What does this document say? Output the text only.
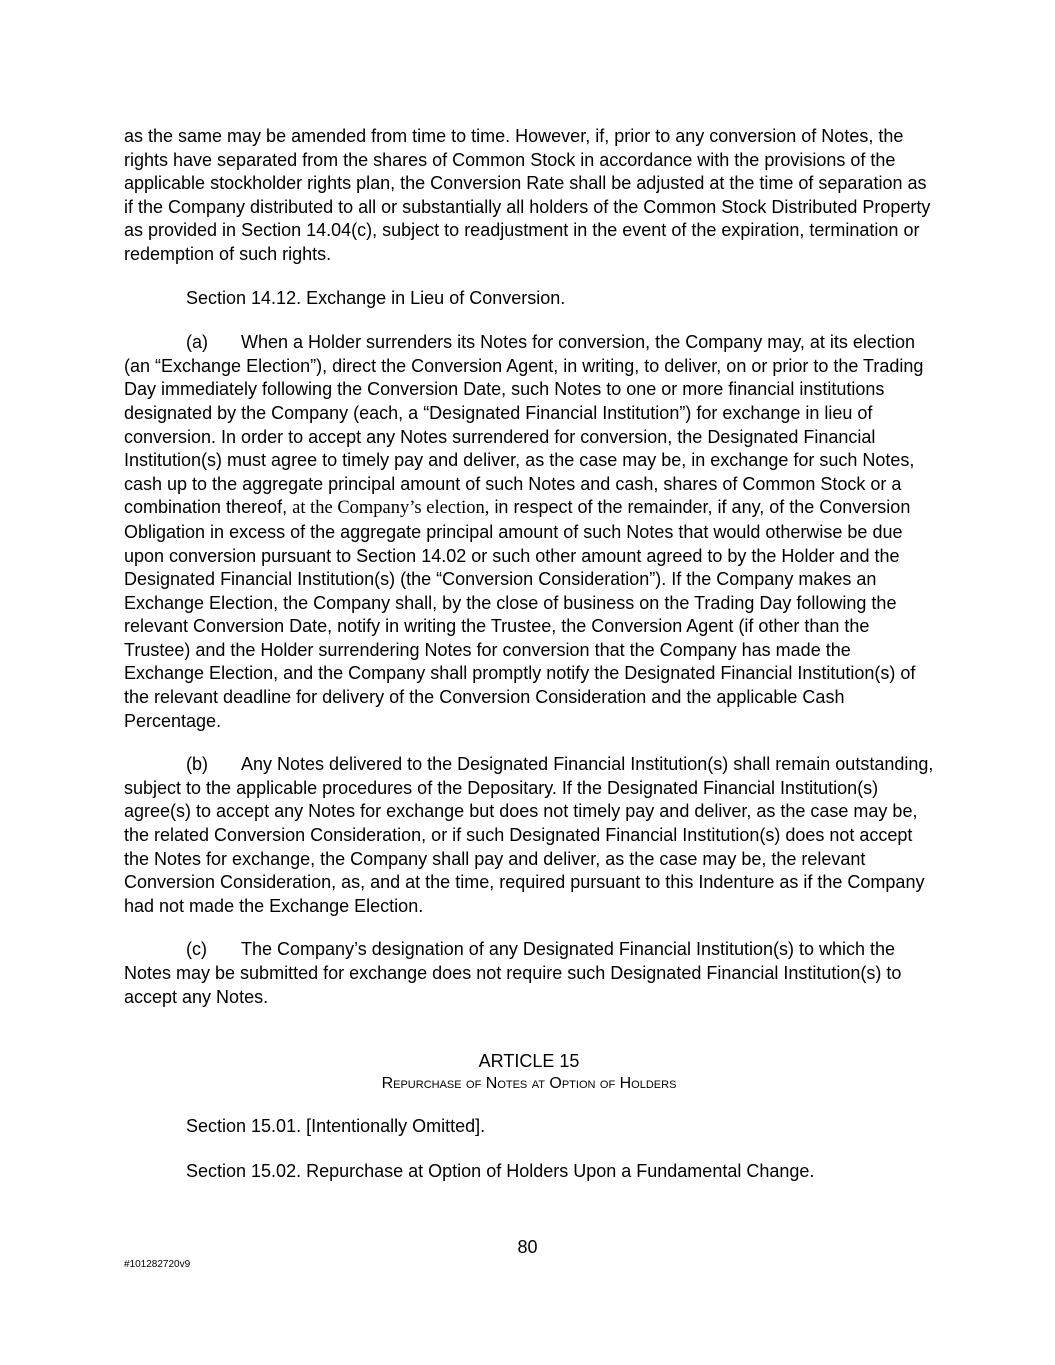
as the same may be amended from time to time. However, if, prior to any conversion of Notes, the rights have separated from the shares of Common Stock in accordance with the provisions of the applicable stockholder rights plan, the Conversion Rate shall be adjusted at the time of separation as if the Company distributed to all or substantially all holders of the Common Stock Distributed Property as provided in Section 14.04(c), subject to readjustment in the event of the expiration, termination or redemption of such rights.

Section 14.12. Exchange in Lieu of Conversion.

(a) When a Holder surrenders its Notes for conversion, the Company may, at its election (an “Exchange Election”), direct the Conversion Agent, in writing, to deliver, on or prior to the Trading Day immediately following the Conversion Date, such Notes to one or more financial institutions designated by the Company (each, a “Designated Financial Institution”) for exchange in lieu of conversion. In order to accept any Notes surrendered for conversion, the Designated Financial Institution(s) must agree to timely pay and deliver, as the case may be, in exchange for such Notes, cash up to the aggregate principal amount of such Notes and cash, shares of Common Stock or a combination thereof, at the Company’s election, in respect of the remainder, if any, of the Conversion Obligation in excess of the aggregate principal amount of such Notes that would otherwise be due upon conversion pursuant to Section 14.02 or such other amount agreed to by the Holder and the Designated Financial Institution(s) (the “Conversion Consideration”). If the Company makes an Exchange Election, the Company shall, by the close of business on the Trading Day following the relevant Conversion Date, notify in writing the Trustee, the Conversion Agent (if other than the Trustee) and the Holder surrendering Notes for conversion that the Company has made the Exchange Election, and the Company shall promptly notify the Designated Financial Institution(s) of the relevant deadline for delivery of the Conversion Consideration and the applicable Cash Percentage.

(b) Any Notes delivered to the Designated Financial Institution(s) shall remain outstanding, subject to the applicable procedures of the Depositary. If the Designated Financial Institution(s) agree(s) to accept any Notes for exchange but does not timely pay and deliver, as the case may be, the related Conversion Consideration, or if such Designated Financial Institution(s) does not accept the Notes for exchange, the Company shall pay and deliver, as the case may be, the relevant Conversion Consideration, as, and at the time, required pursuant to this Indenture as if the Company had not made the Exchange Election.

(c) The Company’s designation of any Designated Financial Institution(s) to which the Notes may be submitted for exchange does not require such Designated Financial Institution(s) to accept any Notes.

ARTICLE 15
Repurchase of Notes at Option of Holders

Section 15.01. [Intentionally Omitted].

Section 15.02. Repurchase at Option of Holders Upon a Fundamental Change.

80
#101282720v9
